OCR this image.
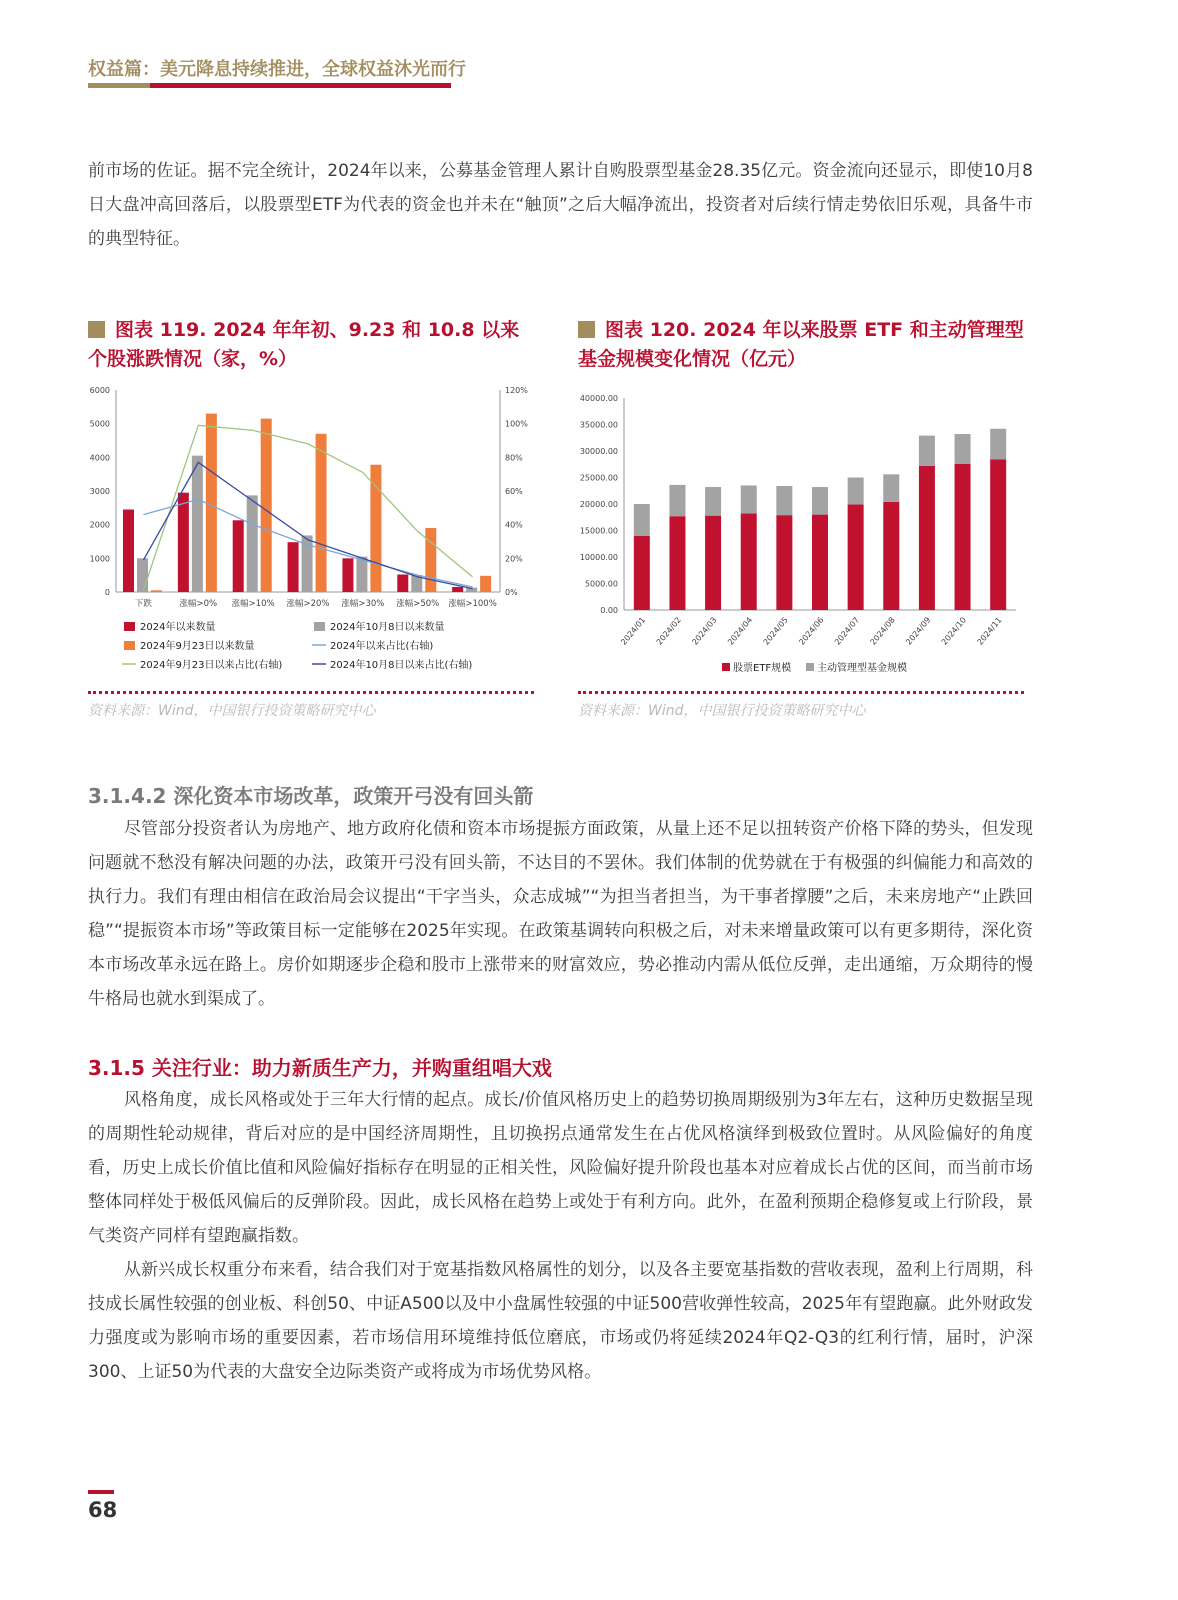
权益篇：美元降息持续推进，全球权益沐光而行

前市场的佐证。据不完全统计，2024年以来，公募基金管理人累计自购股票型基金28.35亿元。资金流向还显示，即使10月8日大盘冲高回落后，以股票型ETF为代表的资金也并未在“触顶”之后大幅净流出，投资者对后续行情走势依旧乐观，具备牛市的典型特征。

图表 119. 2024 年年初、9.23 和 10.8 以来个股涨跌情况（家，%）
图表 120. 2024 年以来股票 ETF 和主动管理型基金规模变化情况（亿元）
0
1000
2000
3000
4000
5000
6000
0%
20%
40%
60%
80%
100%
120%
下跌	涨幅>0% 涨幅>10% 涨幅>20% 涨幅>30% 涨幅>50% 涨幅>100%
2024年以来数量	2024年10月8日以来数量
2024年9月23日以来数量	2024年以来占比(右轴)
2024年9月23日以来占比(右轴)	2024年10月8日以来占比(右轴)
0.00
5000.00
10000.00
15000.00
20000.00
25000.00
30000.00
35000.00
40000.00
2024/01 2024/02 2024/03 2024/04 2024/05 2024/06 2024/07 2024/08 2024/09 2024/10 2024/11
股票ETF规模	主动管理型基金规模
资料来源：Wind，中国银行投资策略研究中心	资料来源：Wind，中国银行投资策略研究中心
3.1.4.2 深化资本市场改革，政策开弓没有回头箭

尽管部分投资者认为房地产、地方政府化债和资本市场提振方面政策，从量上还不足以扭转资产价格下降的势头，但发现问题就不愁没有解决问题的办法，政策开弓没有回头箭，不达目的不罢休。我们体制的优势就在于有极强的纠偏能力和高效的执行力。我们有理由相信在政治局会议提出“干字当头，众志成城”“为担当者担当，为干事者撑腰”之后，未来房地产“止跌回稳”“提振资本市场”等政策目标一定能够在2025年实现。在政策基调转向积极之后，对未来增量政策可以有更多期待，深化资本市场改革永远在路上。房价如期逐步企稳和股市上涨带来的财富效应，势必推动内需从低位反弹，走出通缩，万众期待的慢牛格局也就水到渠成了。

3.1.5 关注行业：助力新质生产力，并购重组唱大戏

风格角度，成长风格或处于三年大行情的起点。成长/价值风格历史上的趋势切换周期级别为3年左右，这种历史数据呈现的周期性轮动规律，背后对应的是中国经济周期性，且切换拐点通常发生在占优风格演绎到极致位置时。从风险偏好的角度看，历史上成长价值比值和风险偏好指标存在明显的正相关性，风险偏好提升阶段也基本对应着成长占优的区间，而当前市场整体同样处于极低风偏后的反弹阶段。因此，成长风格在趋势上或处于有利方向。此外，在盈利预期企稳修复或上行阶段，景气类资产同样有望跑赢指数。

从新兴成长权重分布来看，结合我们对于宽基指数风格属性的划分，以及各主要宽基指数的营收表现，盈利上行周期，科技成长属性较强的创业板、科创50、中证A500以及中小盘属性较强的中证500营收弹性较高，2025年有望跑赢。此外财政发力强度或为影响市场的重要因素，若市场信用环境维持低位磨底，市场或仍将延续2024年Q2-Q3的红利行情，届时，沪深300、上证50为代表的大盘安全边际类资产或将成为市场优势风格。

68
